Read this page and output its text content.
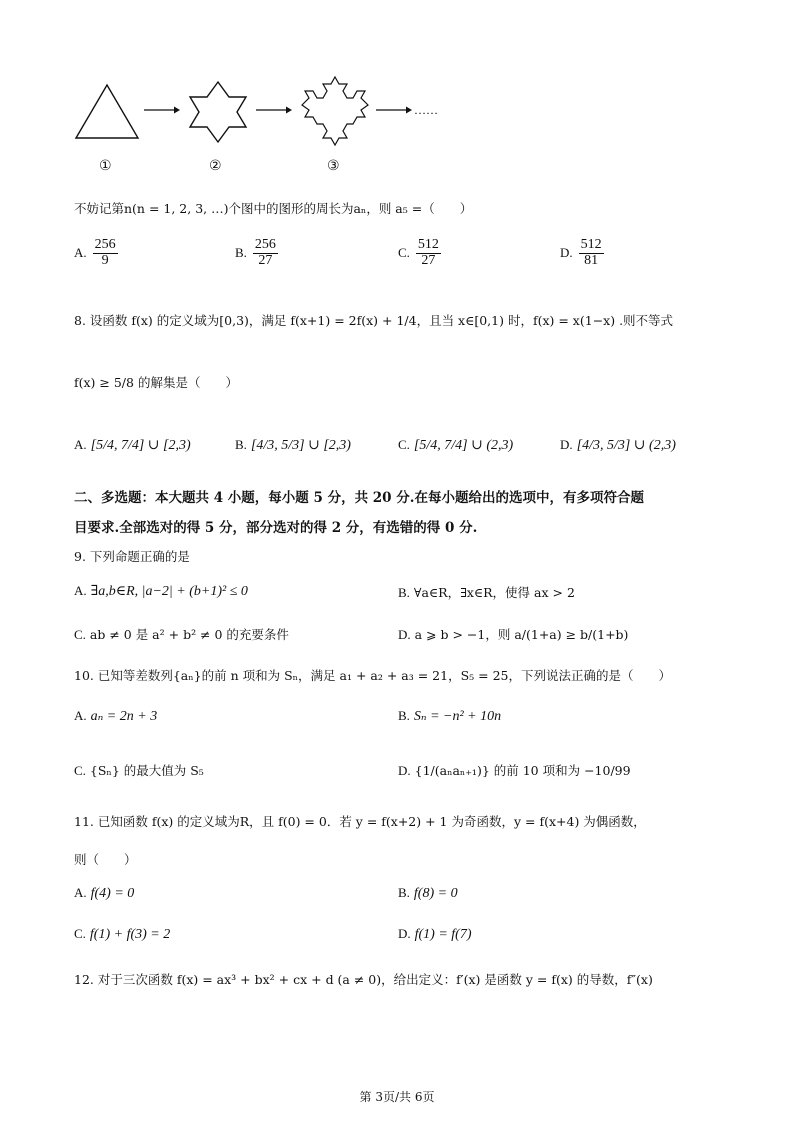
……
①	②	③
不妨记第n(n = 1, 2, 3, …)个图中的图形的周长为aₙ，则 a₅ =（　　）
A. $\frac{256}{9}$	B. $\frac{256}{27}$	C. $\frac{512}{27}$	D. $\frac{512}{81}$
8. 设函数 f(x) 的定义域为[0,3)，满足 f(x+1) = 2f(x) + 1/4，且当 x∈[0,1) 时，f(x) = x(1−x) .则不等式
f(x) ≥ 5/8 的解集是（　　）
A. [5/4, 7/4] ∪ [2,3)	B. [4/3, 5/3] ∪ [2,3)	C. [5/4, 7/4] ∪ (2,3)	D. [4/3, 5/3] ∪ (2,3)
二、多选题：本大题共 4 小题，每小题 5 分，共 20 分.在每小题给出的选项中，有多项符合题
目要求.全部选对的得 5 分，部分选对的得 2 分，有选错的得 0 分.
9. 下列命题正确的是
A. ∃a,b∈R, |a−2| + (b+1)² ≤ 0	B. ∀a∈R，∃x∈R，使得 ax > 2
C. ab ≠ 0 是 a² + b² ≠ 0 的充要条件	D. a ⩾ b > −1，则 a/(1+a) ≥ b/(1+b)
10. 已知等差数列{aₙ}的前 n 项和为 Sₙ，满足 a₁ + a₂ + a₃ = 21，S₅ = 25，下列说法正确的是（　　）
A. aₙ = 2n + 3	B. Sₙ = −n² + 10n
C. {Sₙ} 的最大值为 S₅	D. {1/(aₙaₙ₊₁)} 的前 10 项和为 −10/99
11. 已知函数 f(x) 的定义域为R，且 f(0) = 0．若 y = f(x+2) + 1 为奇函数，y = f(x+4) 为偶函数，
则（　　）
A. f(4) = 0	B. f(8) = 0
C. f(1) + f(3) = 2	D. f(1) = f(7)
12. 对于三次函数 f(x) = ax³ + bx² + cx + d (a ≠ 0)，给出定义：f′(x) 是函数 y = f(x) 的导数，f″(x)
第 3页/共 6页
